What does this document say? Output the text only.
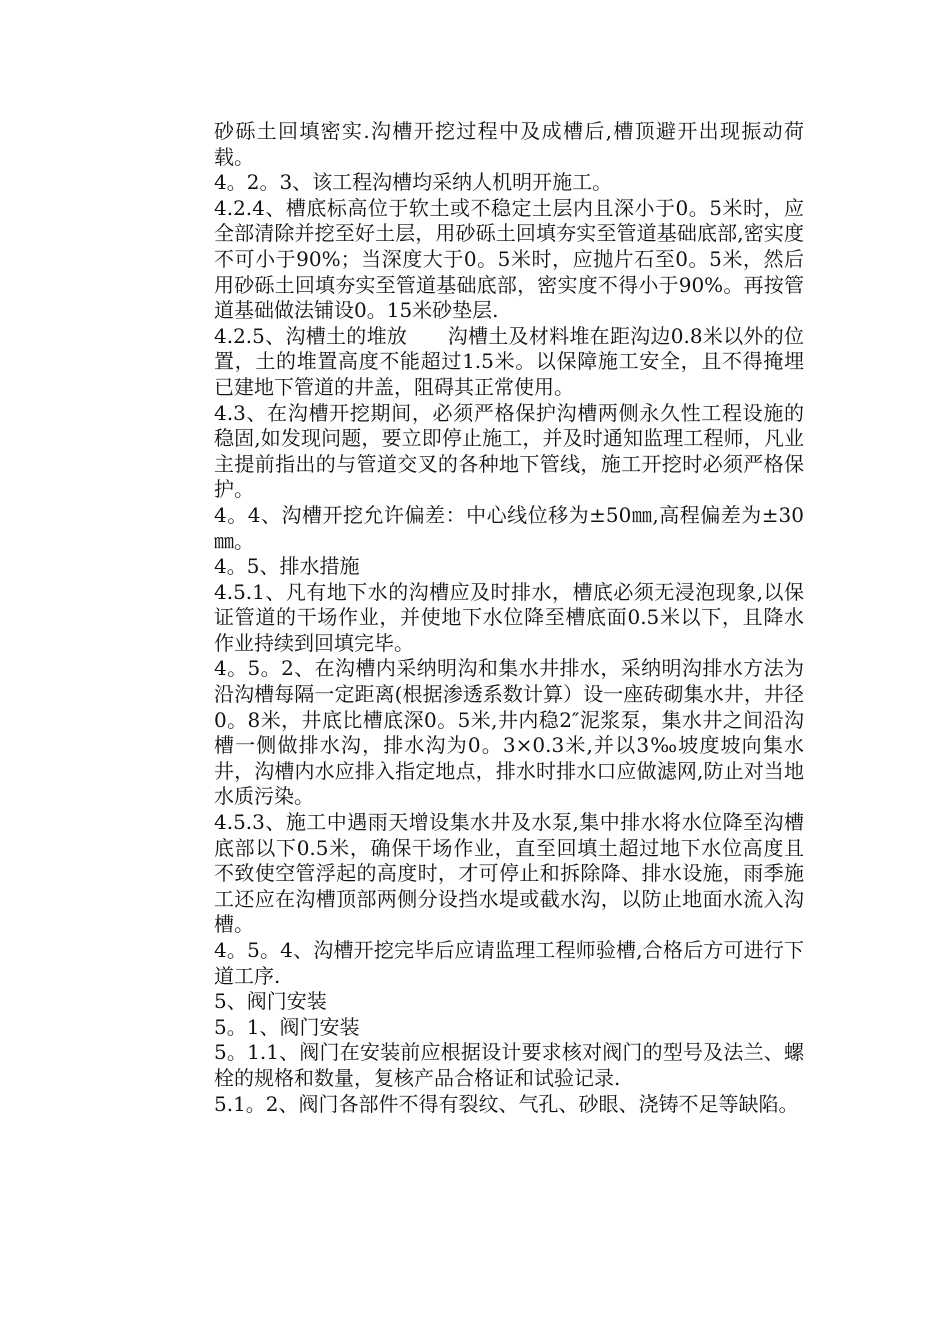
砂砾土回填密实.沟槽开挖过程中及成槽后,槽顶避开出现振动荷载。

4。2。3、该工程沟槽均采纳人机明开施工。

4.2.4、槽底标高位于软土或不稳定土层内且深小于0。5米时，应全部清除并挖至好土层，用砂砾土回填夯实至管道基础底部,密实度不可小于90%；当深度大于0。5米时，应抛片石至0。5米，然后用砂砾土回填夯实至管道基础底部，密实度不得小于90%。再按管道基础做法铺设0。15米砂垫层.

4.2.5、沟槽土的堆放　　沟槽土及材料堆在距沟边0.8米以外的位置，土的堆置高度不能超过1.5米。以保障施工安全，且不得掩埋已建地下管道的井盖，阻碍其正常使用。

4.3、在沟槽开挖期间，必须严格保护沟槽两侧永久性工程设施的稳固,如发现问题，要立即停止施工，并及时通知监理工程师，凡业主提前指出的与管道交叉的各种地下管线，施工开挖时必须严格保护。

4。4、沟槽开挖允许偏差：中心线位移为±50㎜,高程偏差为±30㎜。

4。5、排水措施

4.5.1、凡有地下水的沟槽应及时排水，槽底必须无浸泡现象,以保证管道的干场作业，并使地下水位降至槽底面0.5米以下，且降水作业持续到回填完毕。

4。5。2、在沟槽内采纳明沟和集水井排水，采纳明沟排水方法为沿沟槽每隔一定距离(根据渗透系数计算）设一座砖砌集水井，井径0。8米，井底比槽底深0。5米,井内稳2″泥浆泵，集水井之间沿沟槽一侧做排水沟，排水沟为0。3×0.3米,并以3‰坡度坡向集水井，沟槽内水应排入指定地点，排水时排水口应做滤网,防止对当地水质污染。

4.5.3、施工中遇雨天增设集水井及水泵,集中排水将水位降至沟槽底部以下0.5米，确保干场作业，直至回填土超过地下水位高度且不致使空管浮起的高度时，才可停止和拆除降、排水设施，雨季施工还应在沟槽顶部两侧分设挡水堤或截水沟，以防止地面水流入沟槽。

4。5。4、沟槽开挖完毕后应请监理工程师验槽,合格后方可进行下道工序.

5、阀门安装

5。1、阀门安装

5。1.1、阀门在安装前应根据设计要求核对阀门的型号及法兰、螺栓的规格和数量，复核产品合格证和试验记录.

5.1。2、阀门各部件不得有裂纹、气孔、砂眼、浇铸不足等缺陷。
